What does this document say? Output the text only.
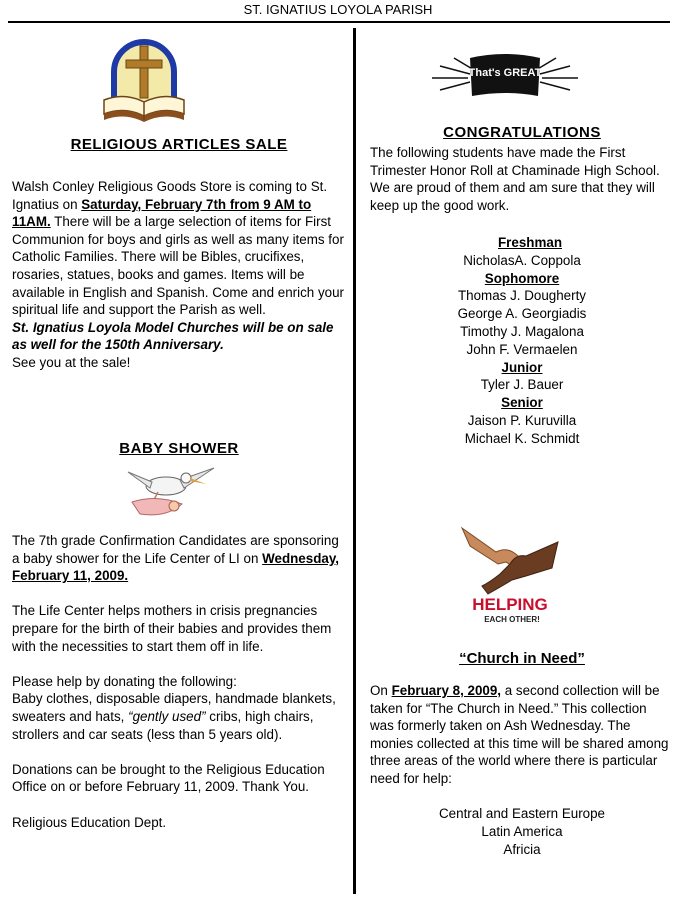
ST. IGNATIUS LOYOLA PARISH
RELIGIOUS ARTICLES SALE

Walsh Conley Religious Goods Store is coming to St. Ignatius on Saturday, February 7th from 9 AM to 11AM. There will be a large selection of items for First Communion for boys and girls as well as many items for Catholic Families. There will be Bibles, crucifixes, rosaries, statues, books and games. Items will be available in English and Spanish. Come and enrich your spiritual life and support the Parish as well.

St. Ignatius Loyola Model Churches will be on sale as well for the 150th Anniversary.

See you at the sale!

BABY SHOWER

The 7th grade Confirmation Candidates are sponsoring a baby shower for the Life Center of LI on Wednesday, February 11, 2009.

The Life Center helps mothers in crisis pregnancies prepare for the birth of their babies and provides them with the necessities to start them off in life.

Please help by donating the following:
Baby clothes, disposable diapers, handmade blankets, sweaters and hats, “gently used” cribs, high chairs, strollers and car seats (less than 5 years old).

Donations can be brought to the Religious Education Office on or before February 11, 2009. Thank You.

Religious Education Dept.

That's GREAT
CONGRATULATIONS

The following students have made the First Trimester Honor Roll at Chaminade High School. We are proud of them and am sure that they will keep up the good work.

Freshman
NicholasA. Coppola
Sophomore
Thomas J. Dougherty
George A. Georgiadis
Timothy J. Magalona
John F. Vermaelen
Junior
Tyler J. Bauer
Senior
Jaison P. Kuruvilla
Michael K. Schmidt
HELPING
EACH OTHER!
“Church in Need”

On February 8, 2009, a second collection will be taken for “The Church in Need.” This collection was formerly taken on Ash Wednesday. The monies collected at this time will be shared among three areas of the world where there is particular need for help:

Central and Eastern Europe
Latin America
Africia
